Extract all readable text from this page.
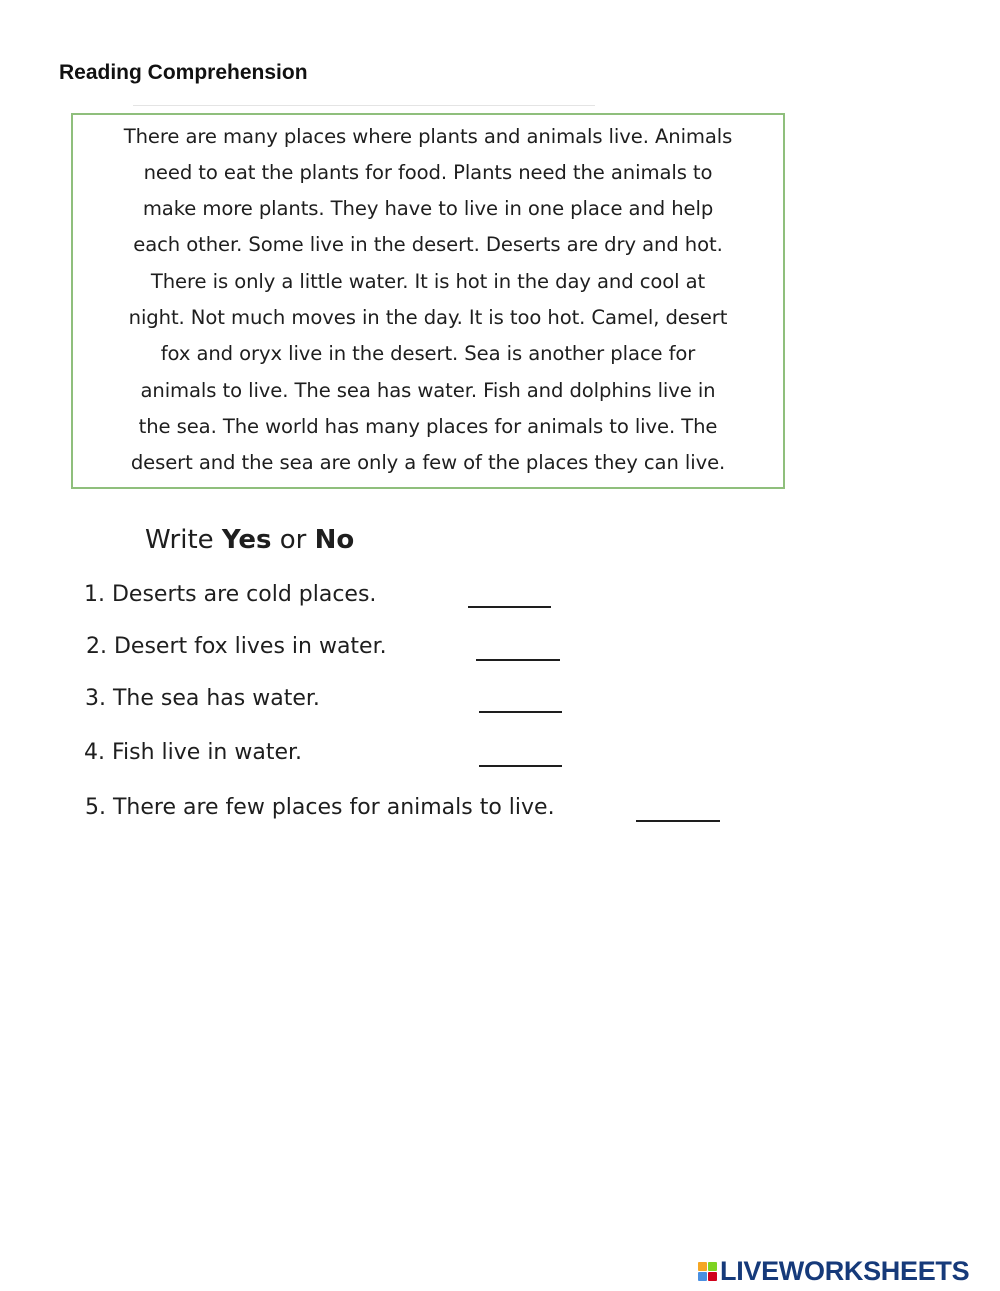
Reading Comprehension
There are many places where plants and animals live. Animals
need to eat the plants for food. Plants need the animals to
make more plants. They have to live in one place and help
each other. Some live in the desert. Deserts are dry and hot.
There is only a little water. It is hot in the day and cool at
night. Not much moves in the day. It is too hot. Camel, desert
fox and oryx live in the desert. Sea is another place for
animals to live. The sea has water. Fish and dolphins live in
the sea. The world has many places for animals to live. The
desert and the sea are only a few of the places they can live.
Write Yes or No
1. Deserts are cold places.
2. Desert fox lives in water.
3. The sea has water.
4. Fish live in water.
5. There are few places for animals to live.
LIVEWORKSHEETS
